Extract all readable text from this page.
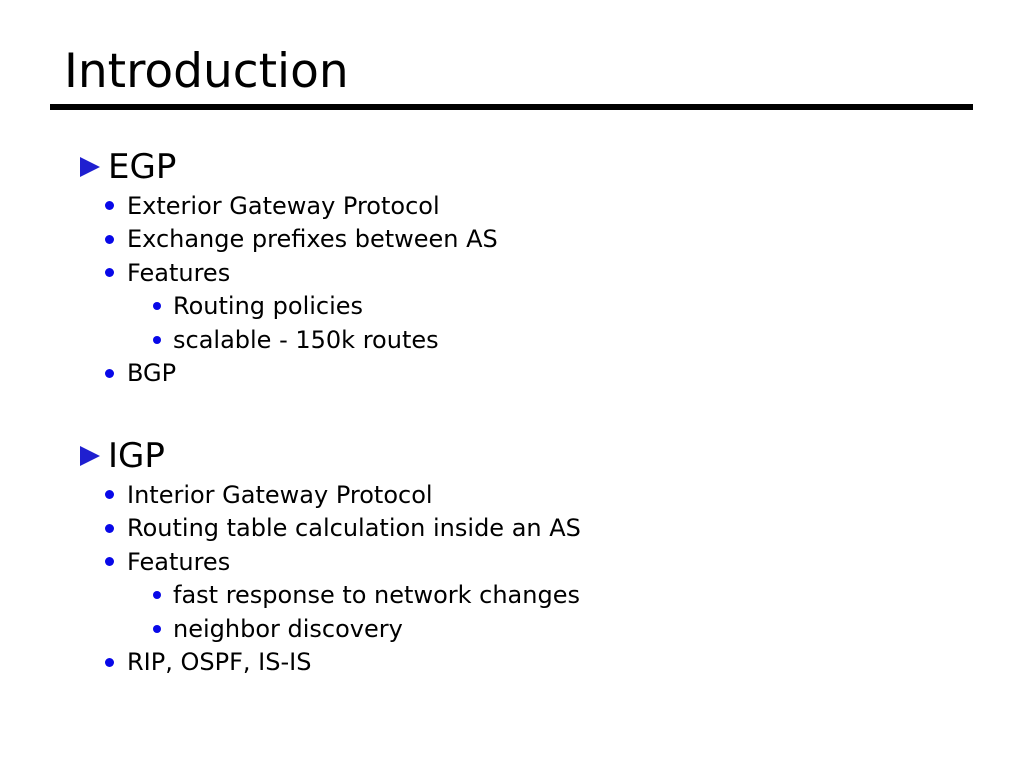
Introduction
EGP
Exterior Gateway Protocol
Exchange prefixes between AS
Features
Routing policies
scalable - 150k routes
BGP
IGP
Interior Gateway Protocol
Routing table calculation inside an AS
Features
fast response to network changes
neighbor discovery
RIP, OSPF, IS-IS
